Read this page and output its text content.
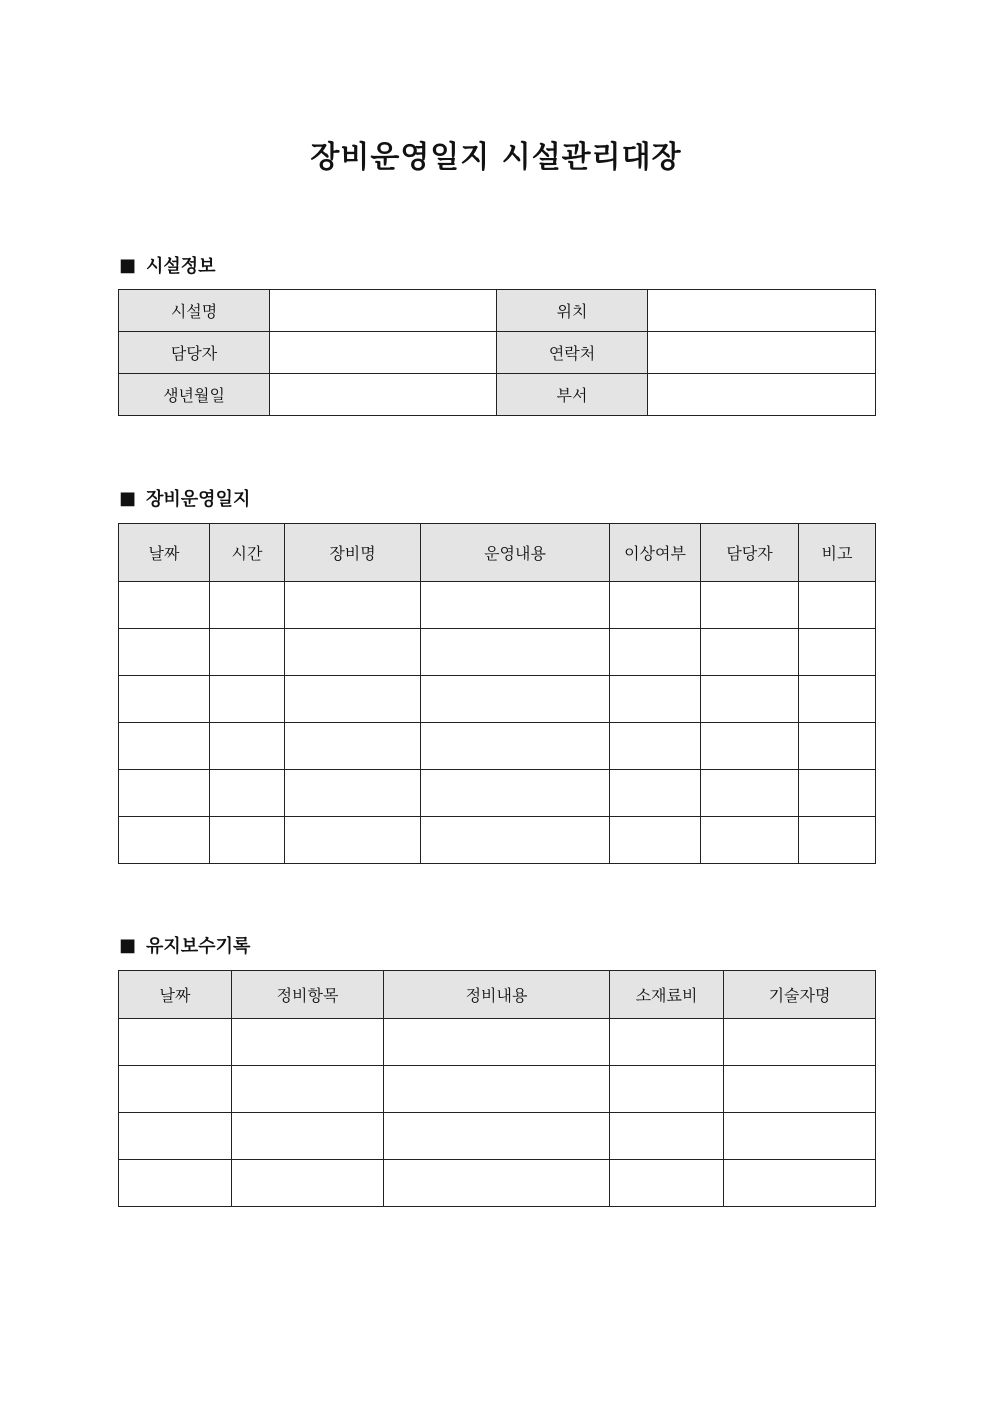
장비운영일지 시설관리대장
■ 시설정보
시설명		위치	
담당자		연락처	
생년월일		부서	
■ 장비운영일지
날짜	시간	장비명	운영내용	이상여부	담당자	비고

■ 유지보수기록
날짜	정비항목	정비내용	소재료비	기술자명
